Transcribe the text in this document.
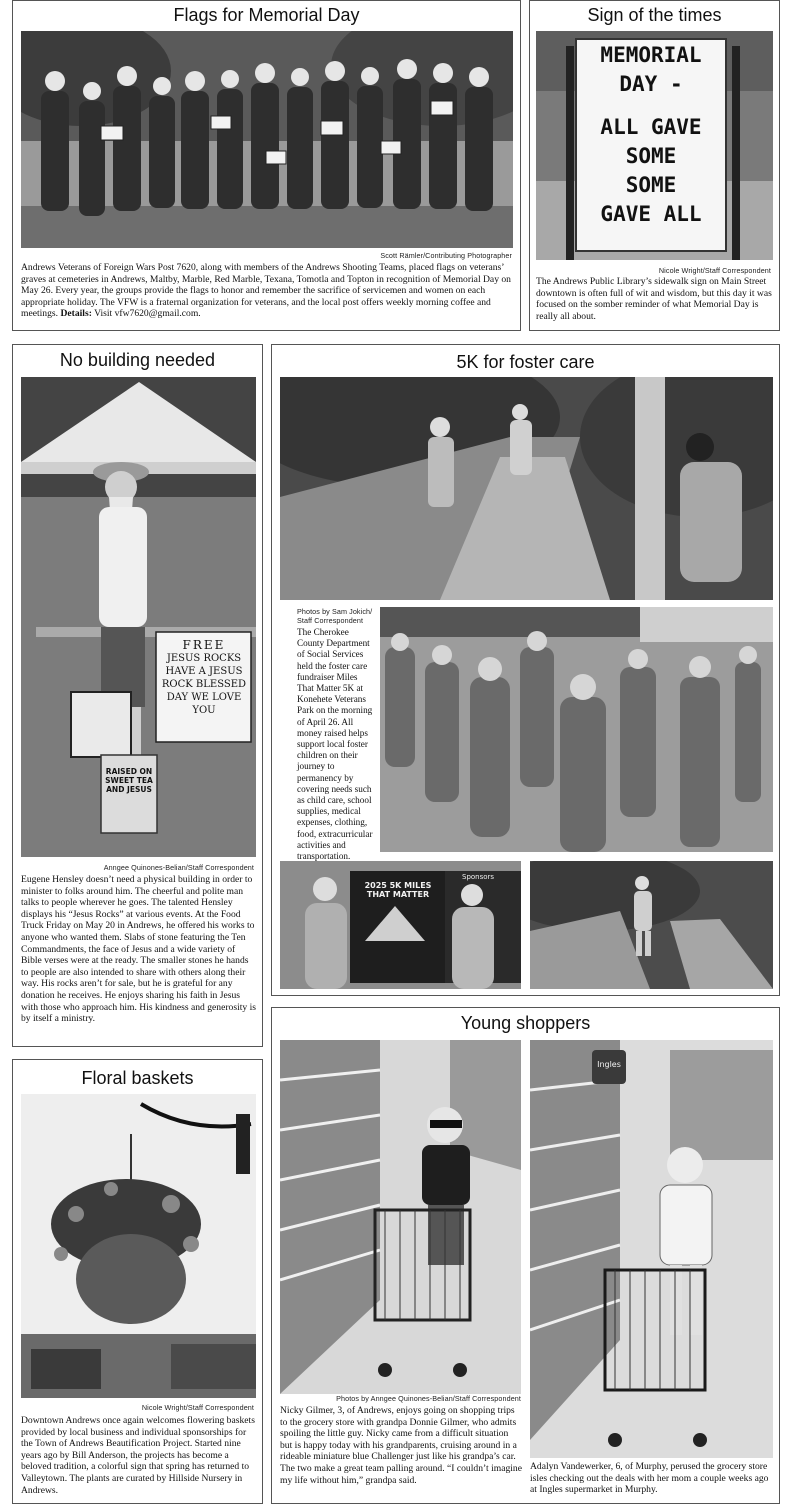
Flags for Memorial Day
Scott Rämler/Contributing Photographer
Andrews Veterans of Foreign Wars Post 7620, along with members of the Andrews Shooting Teams, placed flags on veterans’ graves at cemeteries in Andrews, Maltby, Marble, Red Marble, Texana, Tomotla and Topton in recognition of Memorial Day on May 26. Every year, the groups provide the flags to honor and remember the sacrifice of servicemen and women on each appropriate holiday. The VFW is a fraternal organization for veterans, and the local post offers weekly morning coffee and meetings. Details: Visit vfw7620@gmail.com.
Sign of the times
MEMORIAL
DAY -
ALL GAVE
SOME
SOME
GAVE ALL
Nicole Wright/Staff Correspondent
The Andrews Public Library’s sidewalk sign on Main Street downtown is often full of wit and wisdom, but this day it was focused on the somber reminder of what Memorial Day is really all about.
No building needed
FREE
JESUS ROCKS HAVE A JESUS ROCK BLESSED DAY WE LOVE YOU
RAISED ON SWEET TEA AND JESUS
Anngee Quinones-Belian/Staff Correspondent
Eugene Hensley doesn’t need a physical building in order to minister to folks around him. The cheerful and polite man talks to people wherever he goes. The talented Hensley displays his “Jesus Rocks” at various events. At the Food Truck Friday on May 20 in Andrews, he offered his works to anyone who wanted them. Slabs of stone featuring the Ten Commandments, the face of Jesus and a wide variety of Bible verses were at the ready. The smaller stones he hands to people are also intended to share with others along their way. His rocks aren’t for sale, but he is grateful for any donation he receives. He enjoys sharing his faith in Jesus with those who approach him. His kindness and generosity is by itself a ministry.
5K for foster care
Photos by Sam Jokich/
Staff Correspondent
The Cherokee County Department of Social Services held the foster care fundraiser Miles That Matter 5K at Konehete Veterans Park on the morning of April 26. All money raised helps support local foster children on their journey to permanency by covering needs such as child care, school supplies, medical expenses, clothing, food, extracurricular activities and transportation.
2025 5K MILES THAT MATTER
Sponsors
Floral baskets
Nicole Wright/Staff Correspondent
Downtown Andrews once again welcomes flowering baskets provided by local business and individual sponsorships for the Town of Andrews Beautification Project. Started nine years ago by Bill Anderson, the projects has become a beloved tradition, a colorful sign that spring has returned to Valleytown. The plants are curated by Hillside Nursery in Andrews.
Young shoppers
Ingles
Photos by Anngee Quinones-Belian/Staff Correspondent
Nicky Gilmer, 3, of Andrews, enjoys going on shopping trips to the grocery store with grandpa Donnie Gilmer, who admits spoiling the little guy. Nicky came from a difficult situation but is happy today with his grandparents, cruising around in a rideable miniature blue Challenger just like his grandpa’s car. The two make a great team palling around. “I couldn’t imagine my life without him,” grandpa said.
Adalyn Vandewerker, 6, of Murphy, perused the grocery store isles checking out the deals with her mom a couple weeks ago at Ingles supermarket in Murphy.
